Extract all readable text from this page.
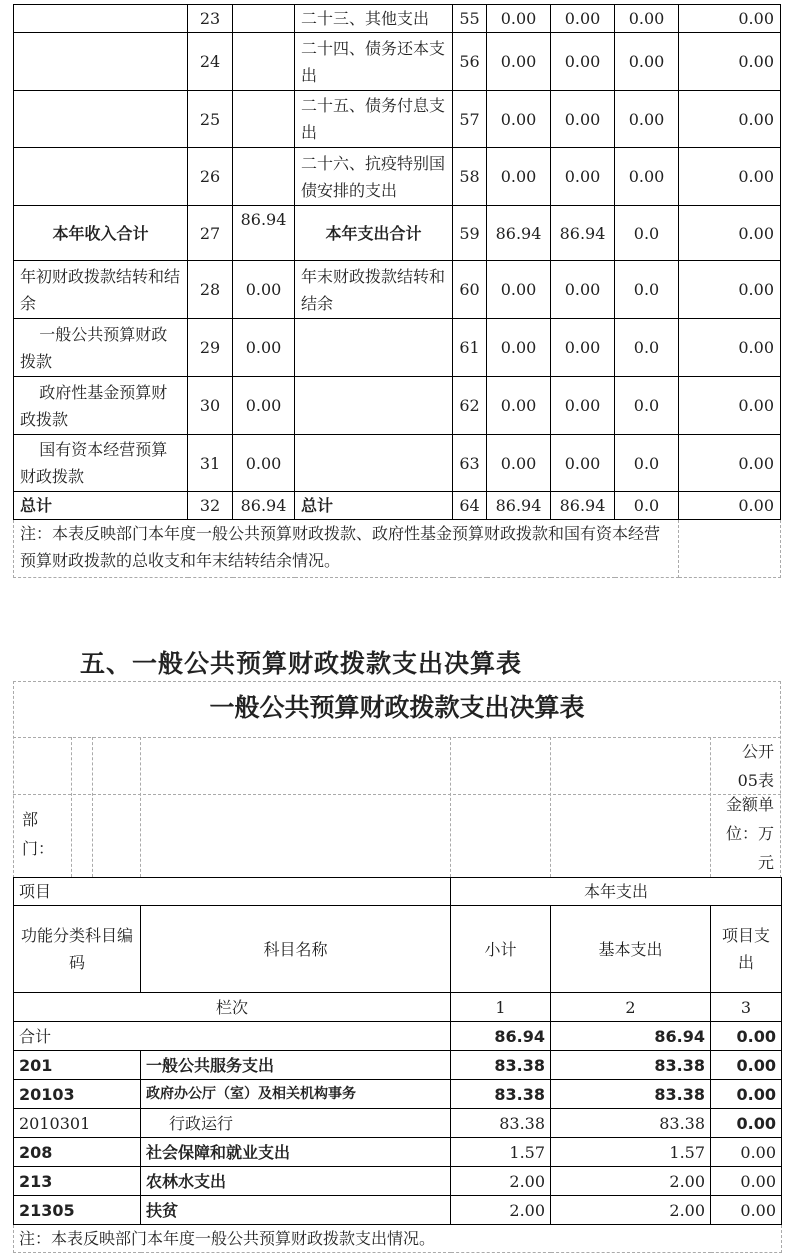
	23		二十三、其他支出	55	0.00	0.00	0.00	0.00
	24		二十四、债务还本支出	56	0.00	0.00	0.00	0.00
	25		二十五、债务付息支出	57	0.00	0.00	0.00	0.00
	26		二十六、抗疫特别国债安排的支出	58	0.00	0.00	0.00	0.00
本年收入合计	27	86.94	本年支出合计	59	86.94	86.94	0.0	0.00
年初财政拨款结转和结余	28	0.00	年末财政拨款结转和结余	60	0.00	0.00	0.0	0.00
一般公共预算财政拨款	29	0.00		61	0.00	0.00	0.0	0.00
政府性基金预算财政拨款	30	0.00		62	0.00	0.00	0.0	0.00
国有资本经营预算财政拨款	31	0.00		63	0.00	0.00	0.0	0.00
总计	32	86.94	总计	64	86.94	86.94	0.0	0.00
注：本表反映部门本年度一般公共预算财政拨款、政府性基金预算财政拨款和国有资本经营预算财政拨款的总收支和年末结转结余情况。								
五、一般公共预算财政拨款支出决算表
一般公共预算财政拨款支出决算表
公开05表
部门：
金额单位：万元
项目		本年支出		
功能分类科目编码	科目名称	小计	基本支出	项目支出
栏次		1	2	3
合计		86.94	86.94	0.00
201	一般公共服务支出	83.38	83.38	0.00
20103	政府办公厅（室）及相关机构事务	83.38	83.38	0.00
2010301	行政运行	83.38	83.38	0.00
208	社会保障和就业支出	1.57	1.57	0.00
213	农林水支出	2.00	2.00	0.00
21305	扶贫	2.00	2.00	0.00
注：本表反映部门本年度一般公共预算财政拨款支出情况。				
